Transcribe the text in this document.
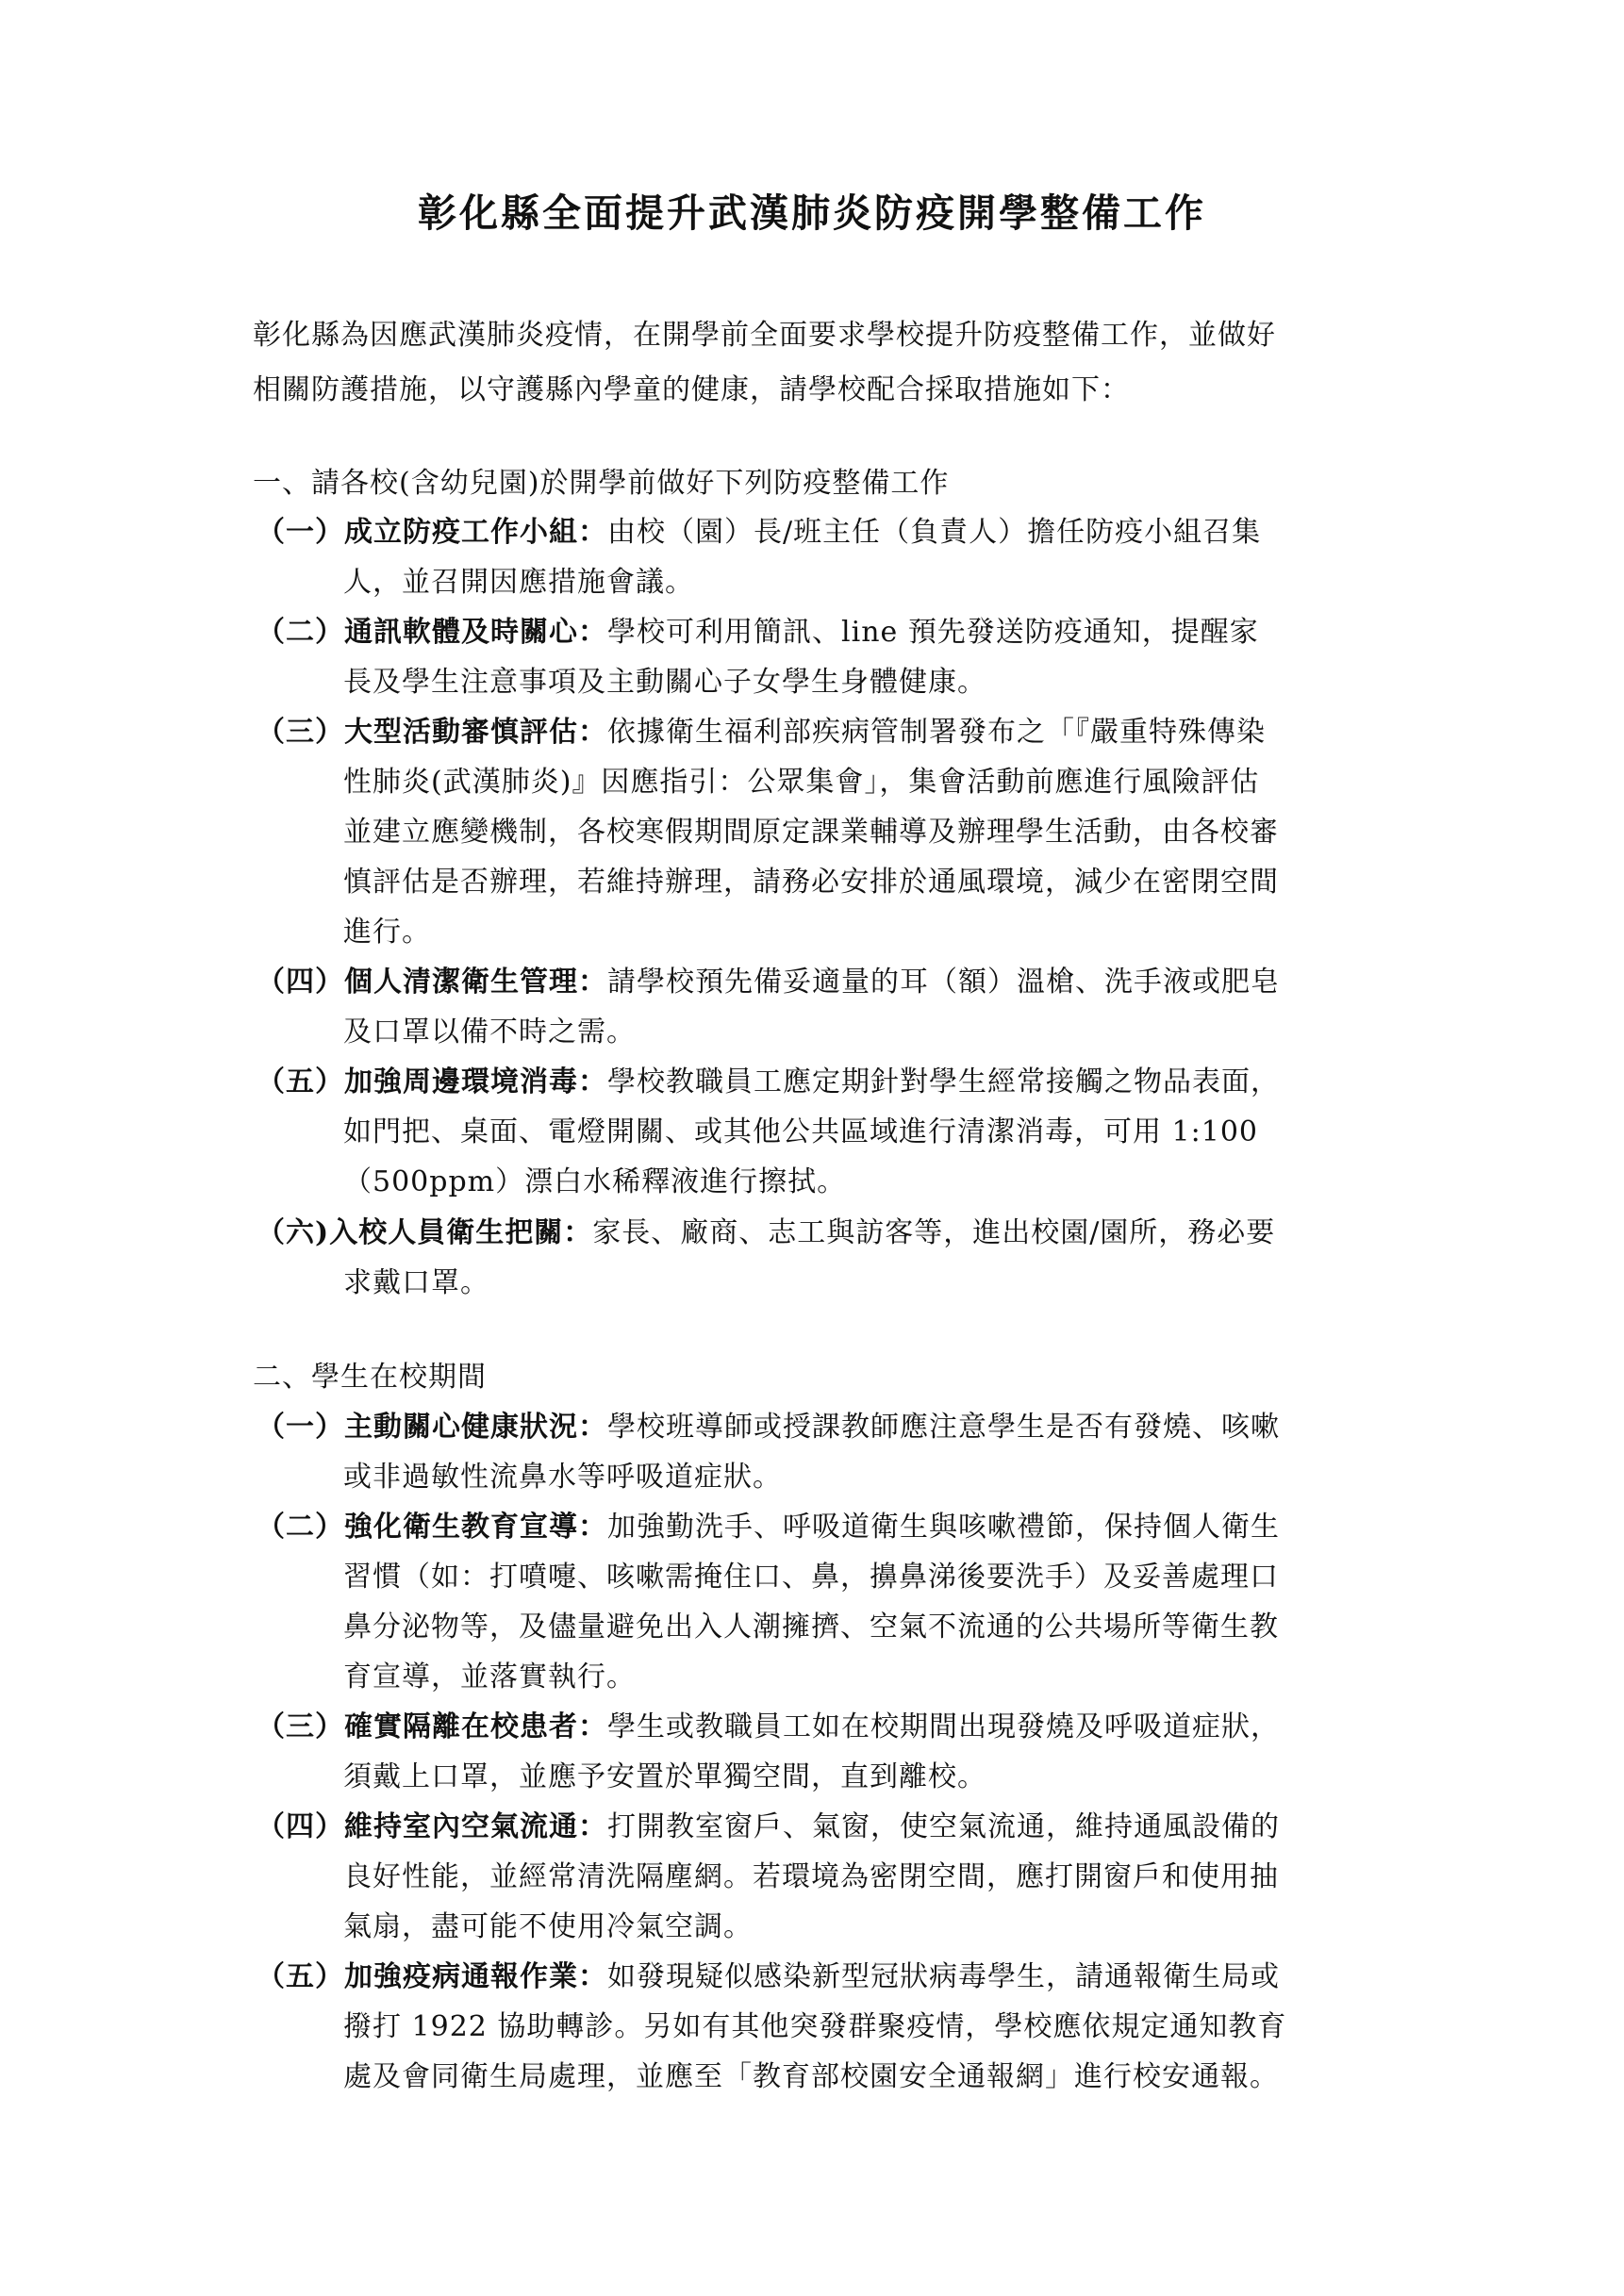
彰化縣全面提升武漢肺炎防疫開學整備工作
彰化縣為因應武漢肺炎疫情，在開學前全面要求學校提升防疫整備工作，並做好
相關防護措施，以守護縣內學童的健康，請學校配合採取措施如下：
一、請各校(含幼兒園)於開學前做好下列防疫整備工作
（一）成立防疫工作小組：由校（園）長/班主任（負責人）擔任防疫小組召集
人，並召開因應措施會議。
（二）通訊軟體及時關心：學校可利用簡訊、line 預先發送防疫通知，提醒家
長及學生注意事項及主動關心子女學生身體健康。
（三）大型活動審慎評估：依據衛生福利部疾病管制署發布之「『嚴重特殊傳染
性肺炎(武漢肺炎)』因應指引：公眾集會」，集會活動前應進行風險評估
並建立應變機制，各校寒假期間原定課業輔導及辦理學生活動，由各校審
慎評估是否辦理，若維持辦理，請務必安排於通風環境，減少在密閉空間
進行。
（四）個人清潔衛生管理：請學校預先備妥適量的耳（額）溫槍、洗手液或肥皂
及口罩以備不時之需。
（五）加強周邊環境消毒：學校教職員工應定期針對學生經常接觸之物品表面，
如門把、桌面、電燈開關、或其他公共區域進行清潔消毒，可用 1:100
（500ppm）漂白水稀釋液進行擦拭。
（六)入校人員衛生把關：家長、廠商、志工與訪客等，進出校園/園所，務必要
求戴口罩。
二、學生在校期間
（一）主動關心健康狀況：學校班導師或授課教師應注意學生是否有發燒、咳嗽
或非過敏性流鼻水等呼吸道症狀。
（二）強化衛生教育宣導：加強勤洗手、呼吸道衛生與咳嗽禮節，保持個人衛生
習慣（如：打噴嚏、咳嗽需掩住口、鼻，擤鼻涕後要洗手）及妥善處理口
鼻分泌物等，及儘量避免出入人潮擁擠、空氣不流通的公共場所等衛生教
育宣導，並落實執行。
（三）確實隔離在校患者：學生或教職員工如在校期間出現發燒及呼吸道症狀，
須戴上口罩，並應予安置於單獨空間，直到離校。
（四）維持室內空氣流通：打開教室窗戶、氣窗，使空氣流通，維持通風設備的
良好性能，並經常清洗隔塵網。若環境為密閉空間，應打開窗戶和使用抽
氣扇，盡可能不使用冷氣空調。
（五）加強疫病通報作業：如發現疑似感染新型冠狀病毒學生，請通報衛生局或
撥打 1922 協助轉診。另如有其他突發群聚疫情，學校應依規定通知教育
處及會同衛生局處理，並應至「教育部校園安全通報網」進行校安通報。
